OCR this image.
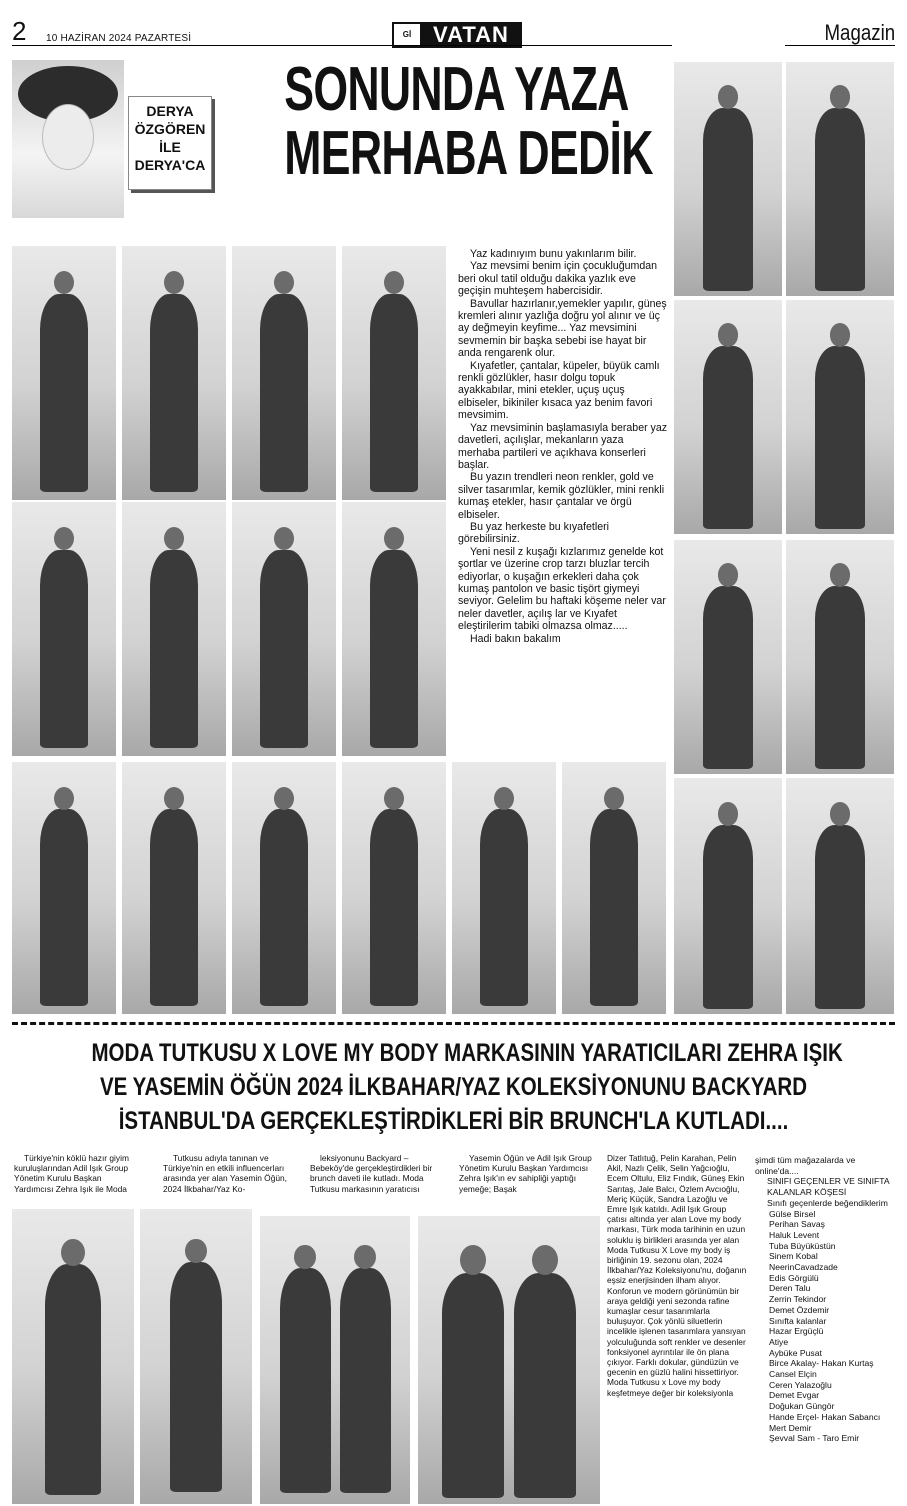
2 10 HAZİRAN 2024 PAZARTESİ	Gİ VATAN	Magazin
DERYA
ÖZGÖREN
İLE
DERYA'CA
SONUNDA YAZA
MERHABA DEDİK

Yaz kadınıyım bunu yakınlarım bilir.

Yaz mevsimi benim için çocukluğumdan beri okul tatil olduğu dakika yazlık eve geçişin muhteşem habercisidir.

Bavullar hazırlanır,yemekler yapılır, güneş kremleri alınır yazlığa doğru yol alınır ve üç ay değmeyin keyfime... Yaz mevsimini sevmemin bir başka sebebi ise hayat bir anda rengarenk olur.

Kıyafetler, çantalar, küpeler, büyük camlı renkli gözlükler, hasır dolgu topuk ayakkabılar, mini etekler, uçuş uçuş elbiseler, bikiniler kısaca yaz benim favori mevsimim.

Yaz mevsiminin başlamasıyla beraber yaz davetleri, açılışlar, mekanların yaza merhaba partileri ve açıkhava konserleri başlar.

Bu yazın trendleri neon renkler, gold ve silver tasarımlar, kemik gözlükler, mini renkli kumaş etekler, hasır çantalar ve örgü elbiseler.

Bu yaz herkeste bu kıyafetleri görebilirsiniz.

Yeni nesil z kuşağı kızlarımız genelde kot şortlar ve üzerine crop tarzı bluzlar tercih ediyorlar, o kuşağın erkekleri daha çok kumaş pantolon ve basic tişört giymeyi seviyor. Gelelim bu haftaki köşeme neler var neler davetler, açılış lar ve Kıyafet eleştirilerim tabiki olmazsa olmaz.....

Hadi bakın bakalım

MODA TUTKUSU X LOVE MY BODY MARKASININ YARATICILARI ZEHRA IŞIK
VE YASEMİN ÖĞÜN 2024 İLKBAHAR/YAZ KOLEKSİYONUNU BACKYARD
İSTANBUL'DA GERÇEKLEŞTİRDİKLERİ BİR BRUNCH'LA KUTLADI....

Türkiye'nin köklü hazır giyim kuruluşlarından Adil Işık Group Yönetim Kurulu Başkan Yardımcısı Zehra Işık ile Moda

Tutkusu adıyla tanınan ve Türkiye'nin en etkili influencerları arasında yer alan Yasemin Öğün, 2024 İlkbahar/Yaz Ko-

leksiyonunu Backyard – Bebeköy'de gerçekleştirdikleri bir brunch daveti ile kutladı. Moda Tutkusu markasının yaratıcısı

Yasemin Öğün ve Adil Işık Group Yönetim Kurulu Başkan Yardımcısı Zehra Işık'ın ev sahipliği yaptığı yemeğe; Başak

Dizer Tatlıtuğ, Pelin Karahan, Pelin Akil, Nazlı Çelik, Selin Yağcıoğlu, Ecem Oltulu, Eliz Fındık, Güneş Ekin Sarıtaş, Jale Balcı, Özlem Avcıoğlu, Meriç Küçük, Sandra Lazoğlu ve Emre Işık katıldı. Adil Işık Group çatısı altında yer alan Love my body markası, Türk moda tarihinin en uzun soluklu iş birlikleri arasında yer alan Moda Tutkusu X Love my body iş birliğinin 19. sezonu olan, 2024 İlkbahar/Yaz Koleksiyonu'nu, doğanın eşsiz enerjisinden ilham alıyor. Konforun ve modern görünümün bir araya geldiği yeni sezonda rafine kumaşlar cesur tasarımlarla buluşuyor. Çok yönlü siluetlerin incelikle işlenen tasarımlara yansıyan yolculuğunda soft renkler ve desenler fonksiyonel ayrıntılar ile ön plana çıkıyor. Farklı dokular, gündüzün ve gecenin en güzlü halini hissettiriyor. Moda Tutkusu x Love my body keşfetmeye değer bir koleksiyonla

şimdi tüm mağazalarda ve online'da....
SINIFI GEÇENLER VE SINIFTA KALANLAR KÖŞESİ
Sınıfı geçenlerde beğendiklerim
Gülse Birsel
Perihan Savaş
Haluk Levent
Tuba Büyüküstün
Sinem Kobal
NeerinCavadzade
Edis Görgülü
Deren Talu
Zerrin Tekindor
Demet Özdemir
Sınıfta kalanlar
Hazar Ergüçlü
Atiye
Aybüke Pusat
Birce Akalay- Hakan Kurtaş
Cansel Elçin
Ceren Yalazoğlu
Demet Evgar
Doğukan Güngör
Hande Erçel- Hakan Sabancı
Mert Demir
Şevval Sam - Taro Emir
